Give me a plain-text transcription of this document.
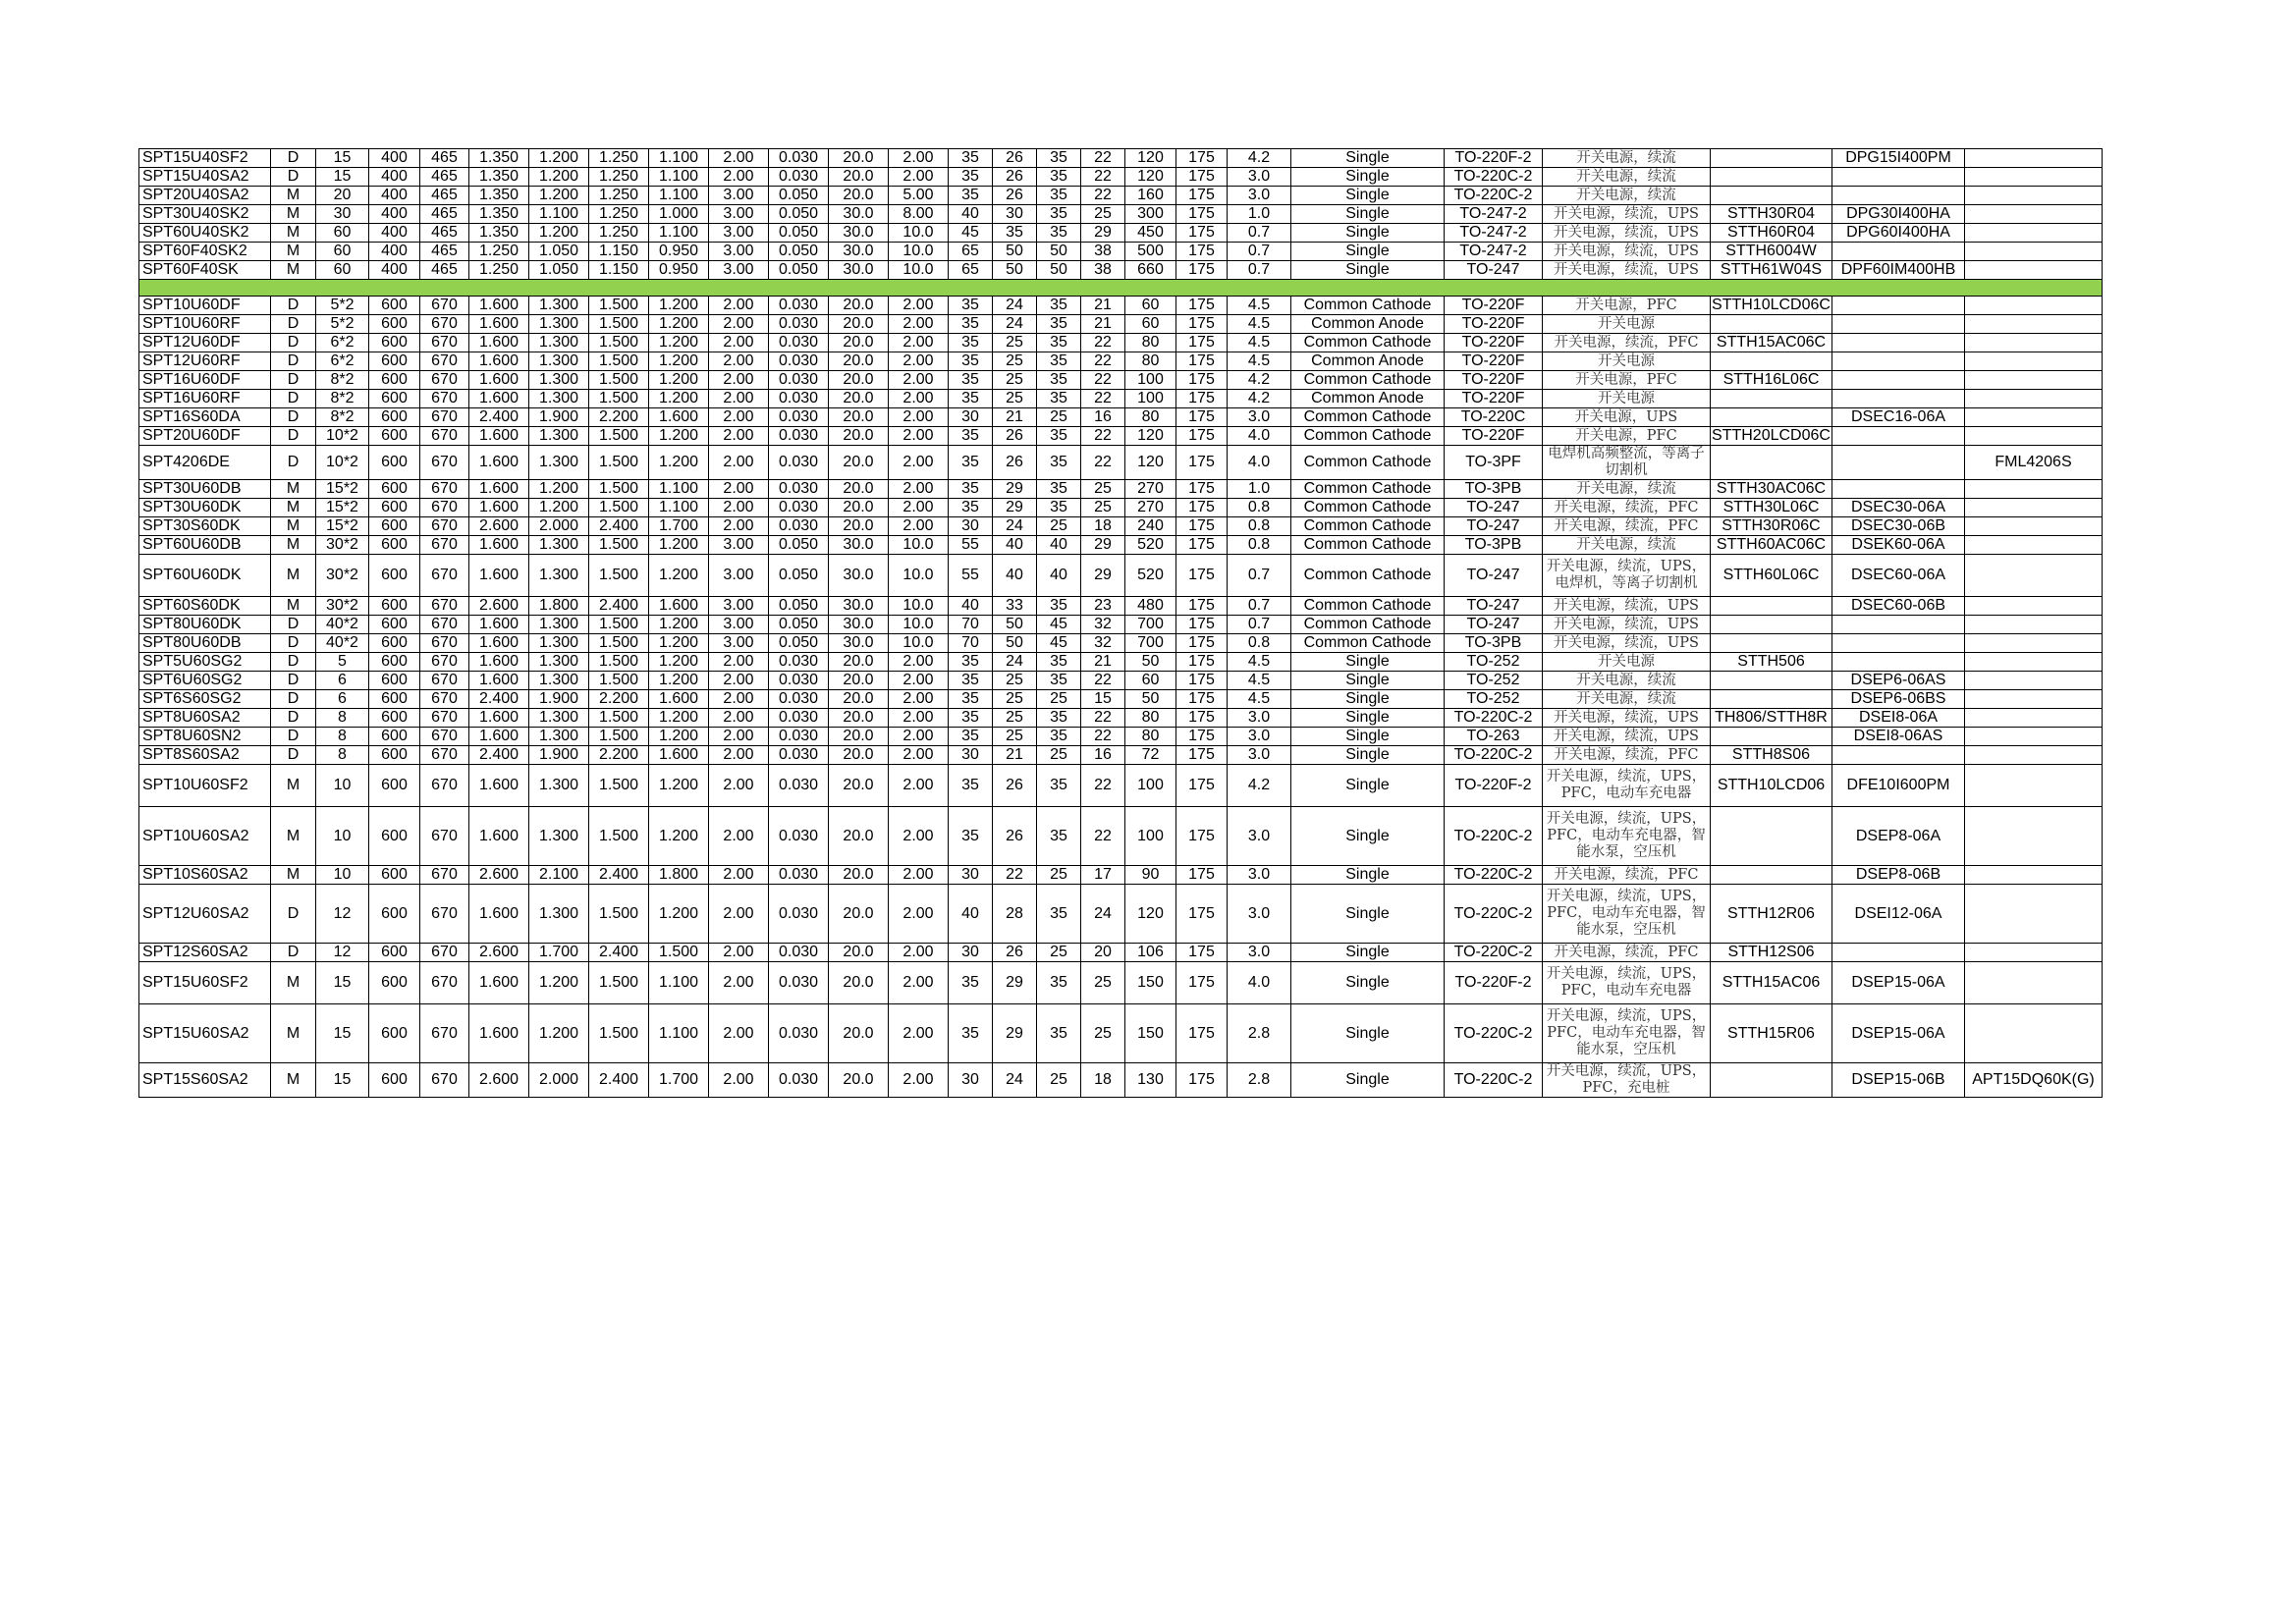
SPT15U40SF2	D	15	400	465	1.350	1.200	1.250	1.100	2.00	0.030	20.0	2.00	35	26	35	22	120	175	4.2	Single	TO-220F-2	开关电源，续流		DPG15I400PM	
SPT15U40SA2	D	15	400	465	1.350	1.200	1.250	1.100	2.00	0.030	20.0	2.00	35	26	35	22	120	175	3.0	Single	TO-220C-2	开关电源，续流			
SPT20U40SA2	M	20	400	465	1.350	1.200	1.250	1.100	3.00	0.050	20.0	5.00	35	26	35	22	160	175	3.0	Single	TO-220C-2	开关电源，续流			
SPT30U40SK2	M	30	400	465	1.350	1.100	1.250	1.000	3.00	0.050	30.0	8.00	40	30	35	25	300	175	1.0	Single	TO-247-2	开关电源，续流，UPS	STTH30R04	DPG30I400HA	
SPT60U40SK2	M	60	400	465	1.350	1.200	1.250	1.100	3.00	0.050	30.0	10.0	45	35	35	29	450	175	0.7	Single	TO-247-2	开关电源，续流，UPS	STTH60R04	DPG60I400HA	
SPT60F40SK2	M	60	400	465	1.250	1.050	1.150	0.950	3.00	0.050	30.0	10.0	65	50	50	38	500	175	0.7	Single	TO-247-2	开关电源，续流，UPS	STTH6004W		
SPT60F40SK	M	60	400	465	1.250	1.050	1.150	0.950	3.00	0.050	30.0	10.0	65	50	50	38	660	175	0.7	Single	TO-247	开关电源，续流，UPS	STTH61W04S	DPF60IM400HB	

SPT10U60DF	D	5*2	600	670	1.600	1.300	1.500	1.200	2.00	0.030	20.0	2.00	35	24	35	21	60	175	4.5	Common Cathode	TO-220F	开关电源，PFC	STTH10LCD06C		
SPT10U60RF	D	5*2	600	670	1.600	1.300	1.500	1.200	2.00	0.030	20.0	2.00	35	24	35	21	60	175	4.5	Common Anode	TO-220F	开关电源			
SPT12U60DF	D	6*2	600	670	1.600	1.300	1.500	1.200	2.00	0.030	20.0	2.00	35	25	35	22	80	175	4.5	Common Cathode	TO-220F	开关电源，续流，PFC	STTH15AC06C		
SPT12U60RF	D	6*2	600	670	1.600	1.300	1.500	1.200	2.00	0.030	20.0	2.00	35	25	35	22	80	175	4.5	Common Anode	TO-220F	开关电源			
SPT16U60DF	D	8*2	600	670	1.600	1.300	1.500	1.200	2.00	0.030	20.0	2.00	35	25	35	22	100	175	4.2	Common Cathode	TO-220F	开关电源，PFC	STTH16L06C		
SPT16U60RF	D	8*2	600	670	1.600	1.300	1.500	1.200	2.00	0.030	20.0	2.00	35	25	35	22	100	175	4.2	Common Anode	TO-220F	开关电源			
SPT16S60DA	D	8*2	600	670	2.400	1.900	2.200	1.600	2.00	0.030	20.0	2.00	30	21	25	16	80	175	3.0	Common Cathode	TO-220C	开关电源，UPS		DSEC16-06A	
SPT20U60DF	D	10*2	600	670	1.600	1.300	1.500	1.200	2.00	0.030	20.0	2.00	35	26	35	22	120	175	4.0	Common Cathode	TO-220F	开关电源，PFC	STTH20LCD06C		
SPT4206DE	D	10*2	600	670	1.600	1.300	1.500	1.200	2.00	0.030	20.0	2.00	35	26	35	22	120	175	4.0	Common Cathode	TO-3PF	电焊机高频整流，等离子切割机			FML4206S
SPT30U60DB	M	15*2	600	670	1.600	1.200	1.500	1.100	2.00	0.030	20.0	2.00	35	29	35	25	270	175	1.0	Common Cathode	TO-3PB	开关电源，续流	STTH30AC06C		
SPT30U60DK	M	15*2	600	670	1.600	1.200	1.500	1.100	2.00	0.030	20.0	2.00	35	29	35	25	270	175	0.8	Common Cathode	TO-247	开关电源，续流，PFC	STTH30L06C	DSEC30-06A	
SPT30S60DK	M	15*2	600	670	2.600	2.000	2.400	1.700	2.00	0.030	20.0	2.00	30	24	25	18	240	175	0.8	Common Cathode	TO-247	开关电源，续流，PFC	STTH30R06C	DSEC30-06B	
SPT60U60DB	M	30*2	600	670	1.600	1.300	1.500	1.200	3.00	0.050	30.0	10.0	55	40	40	29	520	175	0.8	Common Cathode	TO-3PB	开关电源，续流	STTH60AC06C	DSEK60-06A	
SPT60U60DK	M	30*2	600	670	1.600	1.300	1.500	1.200	3.00	0.050	30.0	10.0	55	40	40	29	520	175	0.7	Common Cathode	TO-247	开关电源，续流，UPS，电焊机，等离子切割机	STTH60L06C	DSEC60-06A	
SPT60S60DK	M	30*2	600	670	2.600	1.800	2.400	1.600	3.00	0.050	30.0	10.0	40	33	35	23	480	175	0.7	Common Cathode	TO-247	开关电源，续流，UPS		DSEC60-06B	
SPT80U60DK	D	40*2	600	670	1.600	1.300	1.500	1.200	3.00	0.050	30.0	10.0	70	50	45	32	700	175	0.7	Common Cathode	TO-247	开关电源，续流，UPS			
SPT80U60DB	D	40*2	600	670	1.600	1.300	1.500	1.200	3.00	0.050	30.0	10.0	70	50	45	32	700	175	0.8	Common Cathode	TO-3PB	开关电源，续流，UPS			
SPT5U60SG2	D	5	600	670	1.600	1.300	1.500	1.200	2.00	0.030	20.0	2.00	35	24	35	21	50	175	4.5	Single	TO-252	开关电源	STTH506		
SPT6U60SG2	D	6	600	670	1.600	1.300	1.500	1.200	2.00	0.030	20.0	2.00	35	25	35	22	60	175	4.5	Single	TO-252	开关电源，续流		DSEP6-06AS	
SPT6S60SG2	D	6	600	670	2.400	1.900	2.200	1.600	2.00	0.030	20.0	2.00	35	25	25	15	50	175	4.5	Single	TO-252	开关电源，续流		DSEP6-06BS	
SPT8U60SA2	D	8	600	670	1.600	1.300	1.500	1.200	2.00	0.030	20.0	2.00	35	25	35	22	80	175	3.0	Single	TO-220C-2	开关电源，续流，UPS	TH806/STTH8R	DSEI8-06A	
SPT8U60SN2	D	8	600	670	1.600	1.300	1.500	1.200	2.00	0.030	20.0	2.00	35	25	35	22	80	175	3.0	Single	TO-263	开关电源，续流，UPS		DSEI8-06AS	
SPT8S60SA2	D	8	600	670	2.400	1.900	2.200	1.600	2.00	0.030	20.0	2.00	30	21	25	16	72	175	3.0	Single	TO-220C-2	开关电源，续流，PFC	STTH8S06		
SPT10U60SF2	M	10	600	670	1.600	1.300	1.500	1.200	2.00	0.030	20.0	2.00	35	26	35	22	100	175	4.2	Single	TO-220F-2	开关电源，续流，UPS，PFC，电动车充电器	STTH10LCD06	DFE10I600PM	
SPT10U60SA2	M	10	600	670	1.600	1.300	1.500	1.200	2.00	0.030	20.0	2.00	35	26	35	22	100	175	3.0	Single	TO-220C-2	开关电源，续流，UPS，PFC，电动车充电器，智能水泵，空压机		DSEP8-06A	
SPT10S60SA2	M	10	600	670	2.600	2.100	2.400	1.800	2.00	0.030	20.0	2.00	30	22	25	17	90	175	3.0	Single	TO-220C-2	开关电源，续流，PFC		DSEP8-06B	
SPT12U60SA2	D	12	600	670	1.600	1.300	1.500	1.200	2.00	0.030	20.0	2.00	40	28	35	24	120	175	3.0	Single	TO-220C-2	开关电源，续流，UPS，PFC，电动车充电器，智能水泵，空压机	STTH12R06	DSEI12-06A	
SPT12S60SA2	D	12	600	670	2.600	1.700	2.400	1.500	2.00	0.030	20.0	2.00	30	26	25	20	106	175	3.0	Single	TO-220C-2	开关电源，续流，PFC	STTH12S06		
SPT15U60SF2	M	15	600	670	1.600	1.200	1.500	1.100	2.00	0.030	20.0	2.00	35	29	35	25	150	175	4.0	Single	TO-220F-2	开关电源，续流，UPS，PFC，电动车充电器	STTH15AC06	DSEP15-06A	
SPT15U60SA2	M	15	600	670	1.600	1.200	1.500	1.100	2.00	0.030	20.0	2.00	35	29	35	25	150	175	2.8	Single	TO-220C-2	开关电源，续流，UPS，PFC，电动车充电器，智能水泵，空压机	STTH15R06	DSEP15-06A	
SPT15S60SA2	M	15	600	670	2.600	2.000	2.400	1.700	2.00	0.030	20.0	2.00	30	24	25	18	130	175	2.8	Single	TO-220C-2	开关电源，续流，UPS，PFC，充电桩		DSEP15-06B	APT15DQ60K(G)
